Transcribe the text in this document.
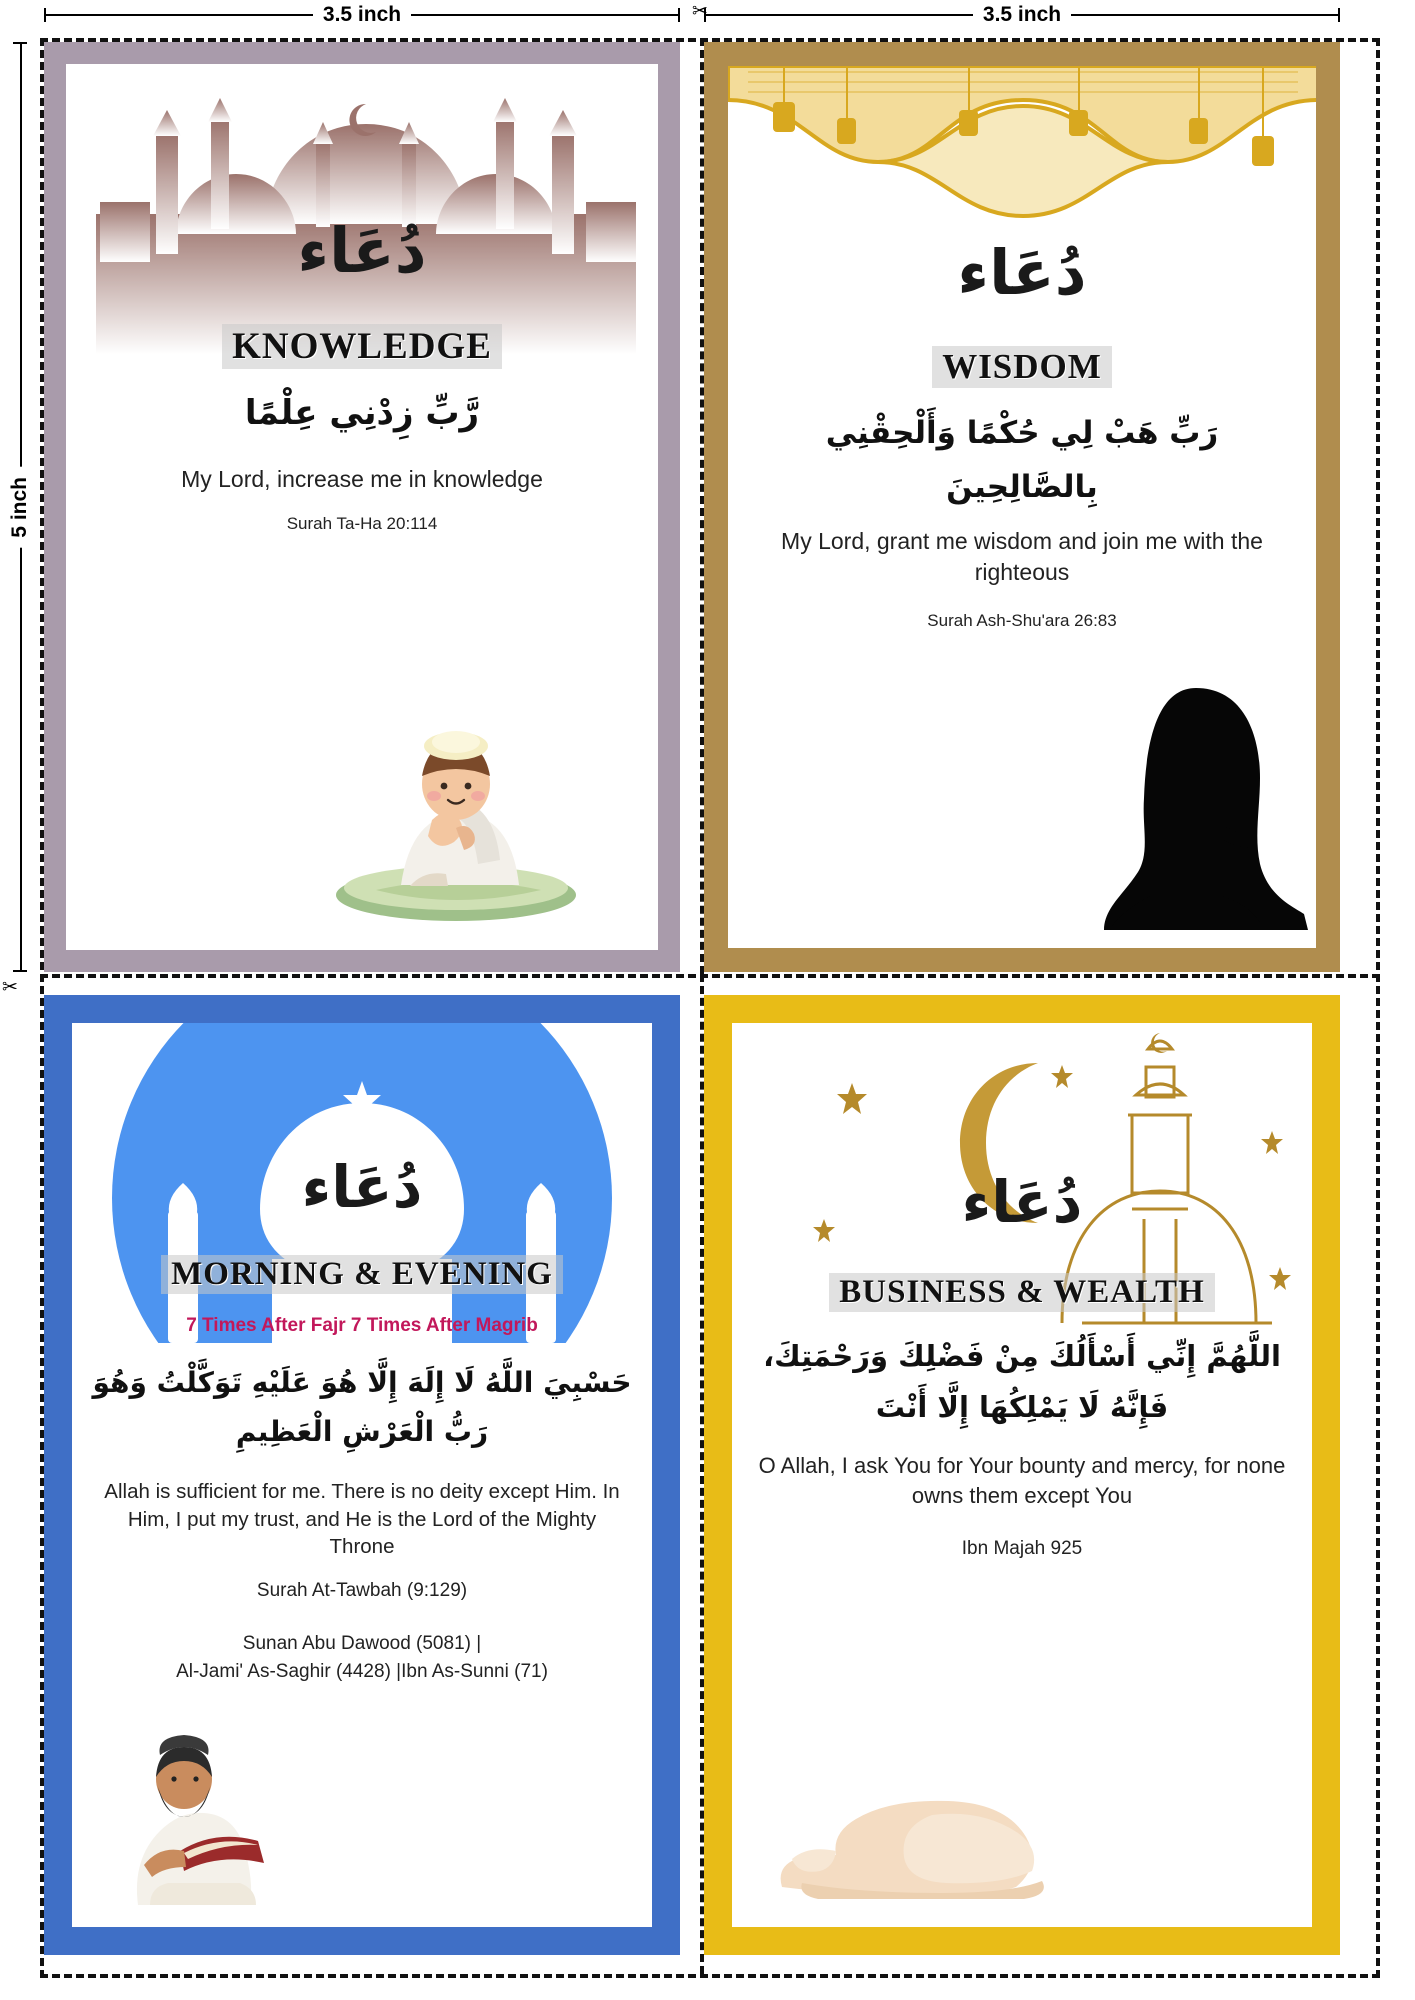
3.5 inch	3.5 inch
5 inch
✂
✂
دُعَاء
KNOWLEDGE
رَّبِّ زِدْنِي عِلْمًا
My Lord, increase me in knowledge
Surah Ta-Ha 20:114
دُعَاء
WISDOM
رَبِّ هَبْ لِي حُكْمًا وَأَلْحِقْنِي بِالصَّالِحِينَ
My Lord, grant me wisdom and join me with the righteous
Surah Ash-Shu'ara 26:83
دُعَاء
MORNING & EVENING
7 Times After Fajr 7 Times After Magrib
حَسْبِيَ اللَّهُ لَا إِلَهَ إِلَّا هُوَ عَلَيْهِ تَوَكَّلْتُ وَهُوَ رَبُّ الْعَرْشِ الْعَظِيمِ
Allah is sufficient for me. There is no deity except Him. In Him, I put my trust, and He is the Lord of the Mighty Throne
Surah At-Tawbah (9:129)
Sunan Abu Dawood (5081) |
Al-Jami' As-Saghir (4428) |Ibn As-Sunni (71)
دُعَاء
BUSINESS & WEALTH
اللَّهُمَّ إِنِّي أَسْأَلُكَ مِنْ فَضْلِكَ وَرَحْمَتِكَ، فَإِنَّهُ لَا يَمْلِكُهَا إِلَّا أَنْتَ
O Allah, I ask You for Your bounty and mercy, for none owns them except You
Ibn Majah 925
